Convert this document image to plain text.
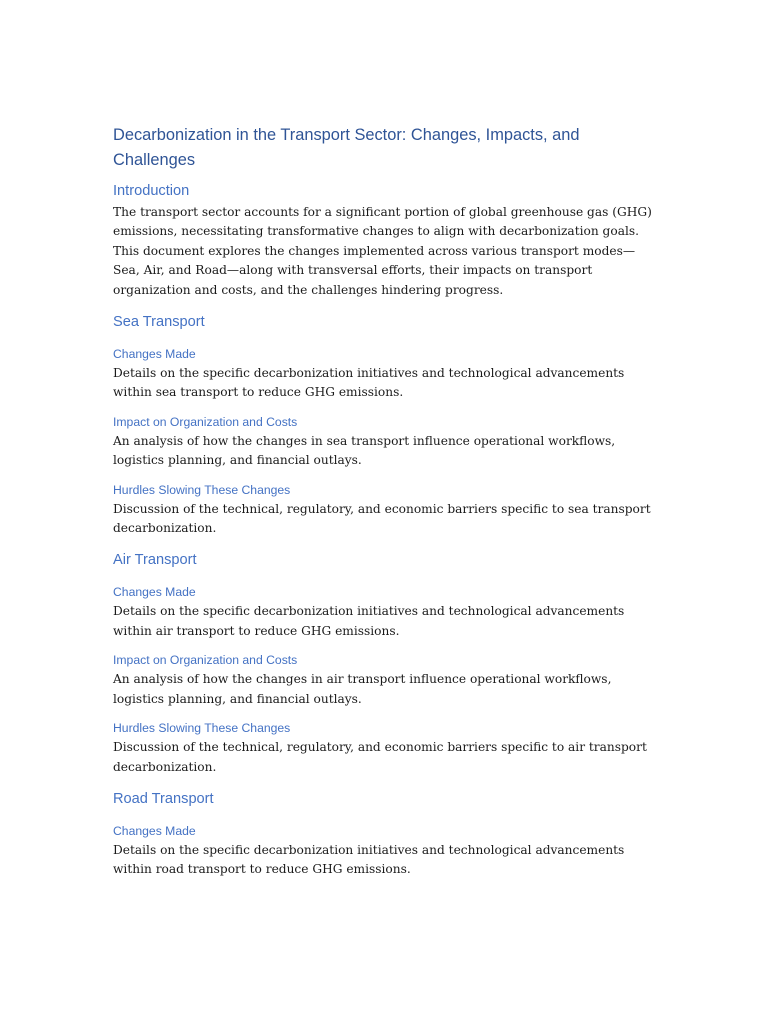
Decarbonization in the Transport Sector: Changes, Impacts, and Challenges
Introduction

The transport sector accounts for a significant portion of global greenhouse gas (GHG) emissions, necessitating transformative changes to align with decarbonization goals. This document explores the changes implemented across various transport modes—Sea, Air, and Road—along with transversal efforts, their impacts on transport organization and costs, and the challenges hindering progress.

Sea Transport
Changes Made

Details on the specific decarbonization initiatives and technological advancements within sea transport to reduce GHG emissions.

Impact on Organization and Costs

An analysis of how the changes in sea transport influence operational workflows, logistics planning, and financial outlays.

Hurdles Slowing These Changes

Discussion of the technical, regulatory, and economic barriers specific to sea transport decarbonization.

Air Transport
Changes Made

Details on the specific decarbonization initiatives and technological advancements within air transport to reduce GHG emissions.

Impact on Organization and Costs

An analysis of how the changes in air transport influence operational workflows, logistics planning, and financial outlays.

Hurdles Slowing These Changes

Discussion of the technical, regulatory, and economic barriers specific to air transport decarbonization.

Road Transport
Changes Made

Details on the specific decarbonization initiatives and technological advancements within road transport to reduce GHG emissions.
